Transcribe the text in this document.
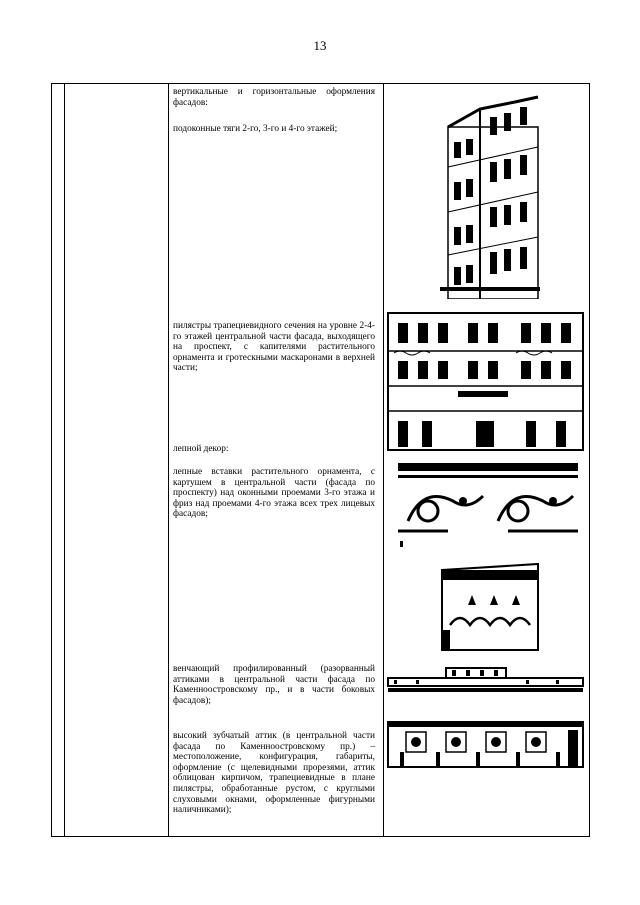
13
вертикальные и горизонтальные оформления фасадов:
подоконные тяги 2-го, 3-го и 4-го этажей;
пилястры трапециевидного сечения на уровне 2-4-го этажей центральной части фасада, выходящего на проспект, с капителями растительного орнамента и гротескными маскаронами в верхней части;
лепной декор:
лепные вставки растительного орнамента, с картушем в центральной части (фасада по проспекту) над оконными проемами 3-го этажа и фриз над проемами 4-го этажа всех трех лицевых фасадов;
венчающий профилированный (разорванный аттиками в центральной части фасада по Каменноостровскому пр., и в части боковых фасадов);
высокий зубчатый аттик (в центральной части фасада по Каменноостровскому пр.) – местоположение, конфигурация, габариты, оформление (с щелевидными прорезями, аттик облицован кирпичом, трапециевидные в плане пилястры, обработанные рустом, с круглыми слуховыми окнами, оформленные фигурными наличниками);
